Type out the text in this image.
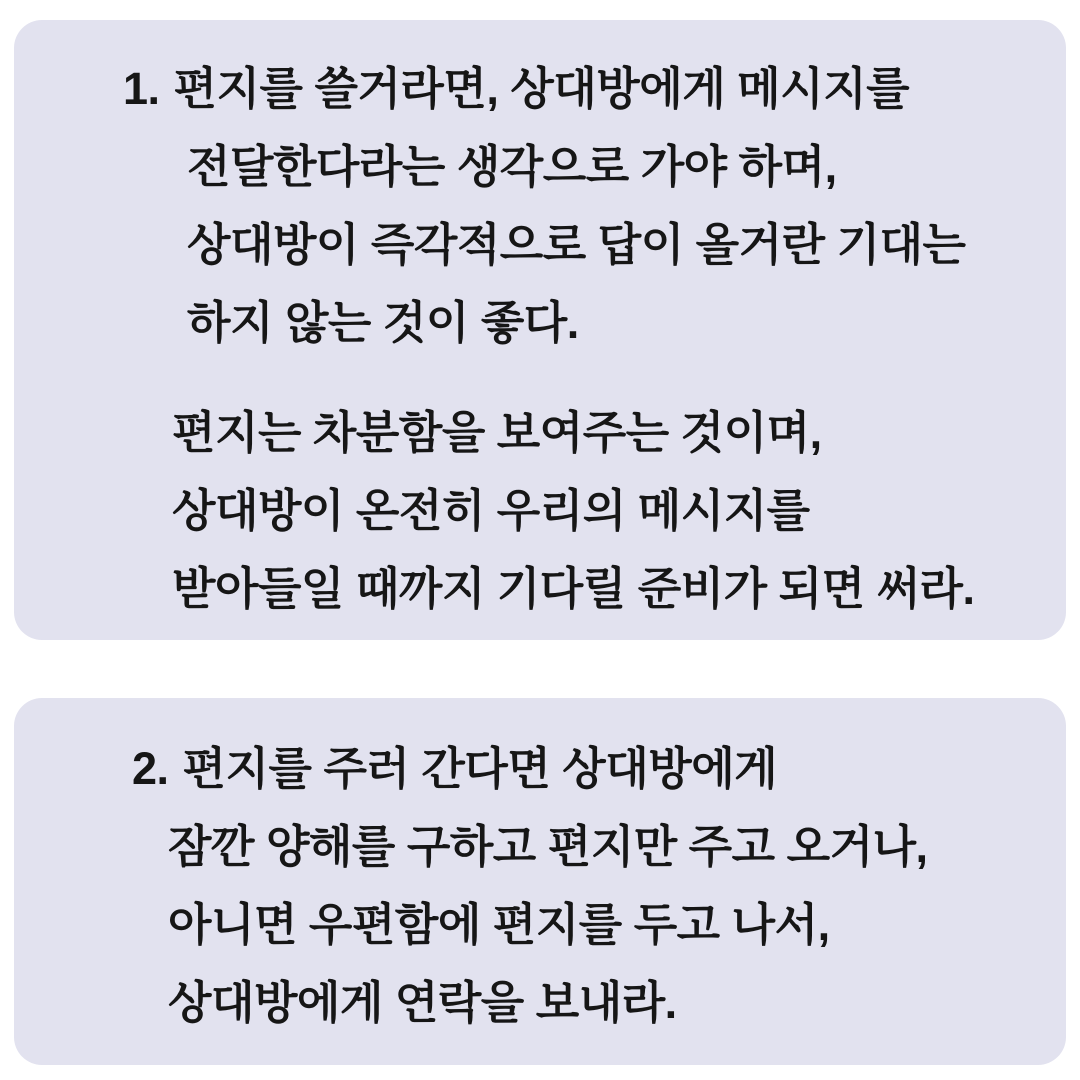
1. 편지를 쓸거라면, 상대방에게 메시지를
전달한다라는 생각으로 가야 하며,
상대방이 즉각적으로 답이 올거란 기대는
하지 않는 것이 좋다.
편지는 차분함을 보여주는 것이며,
상대방이 온전히 우리의 메시지를
받아들일 때까지 기다릴 준비가 되면 써라.
2. 편지를 주러 간다면 상대방에게
잠깐 양해를 구하고 편지만 주고 오거나,
아니면 우편함에 편지를 두고 나서,
상대방에게 연락을 보내라.
